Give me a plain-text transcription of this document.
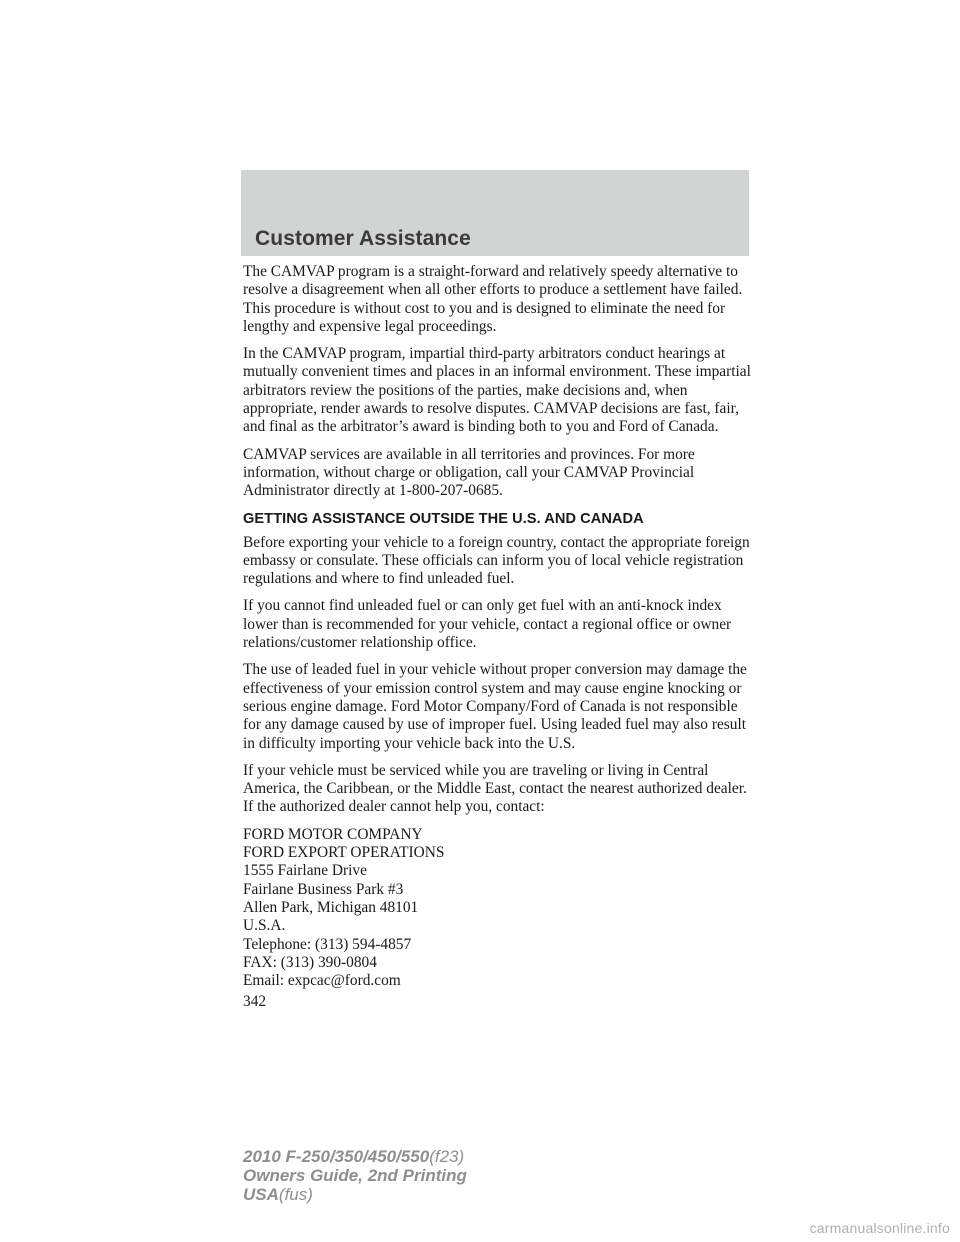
Customer Assistance

The CAMVAP program is a straight-forward and relatively speedy alternative to resolve a disagreement when all other efforts to produce a settlement have failed. This procedure is without cost to you and is designed to eliminate the need for lengthy and expensive legal proceedings.

In the CAMVAP program, impartial third-party arbitrators conduct hearings at mutually convenient times and places in an informal environment. These impartial arbitrators review the positions of the parties, make decisions and, when appropriate, render awards to resolve disputes. CAMVAP decisions are fast, fair, and final as the arbitrator’s award is binding both to you and Ford of Canada.

CAMVAP services are available in all territories and provinces. For more information, without charge or obligation, call your CAMVAP Provincial Administrator directly at 1-800-207-0685.

GETTING ASSISTANCE OUTSIDE THE U.S. AND CANADA

Before exporting your vehicle to a foreign country, contact the appropriate foreign embassy or consulate. These officials can inform you of local vehicle registration regulations and where to find unleaded fuel.

If you cannot find unleaded fuel or can only get fuel with an anti-knock index lower than is recommended for your vehicle, contact a regional office or owner relations/customer relationship office.

The use of leaded fuel in your vehicle without proper conversion may damage the effectiveness of your emission control system and may cause engine knocking or serious engine damage. Ford Motor Company/Ford of Canada is not responsible for any damage caused by use of improper fuel. Using leaded fuel may also result in difficulty importing your vehicle back into the U.S.

If your vehicle must be serviced while you are traveling or living in Central America, the Caribbean, or the Middle East, contact the nearest authorized dealer. If the authorized dealer cannot help you, contact:

FORD MOTOR COMPANY
FORD EXPORT OPERATIONS
1555 Fairlane Drive
Fairlane Business Park #3
Allen Park, Michigan 48101
U.S.A.
Telephone: (313) 594-4857
FAX: (313) 390-0804
Email: expcac@ford.com
342
2010 F-250/350/450/550(f23)
Owners Guide, 2nd Printing
USA(fus)
carmanualsonline.info
